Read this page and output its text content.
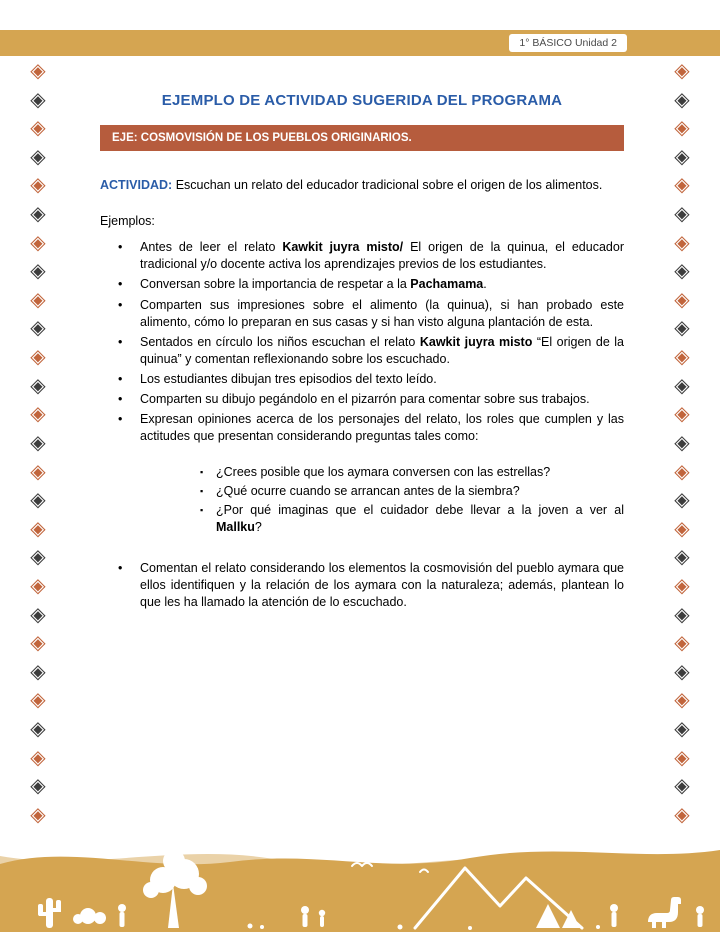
1° BÁSICO Unidad 2
◈
◈
◈
◈
◈
◈
◈
◈
◈
◈
◈
◈
◈
◈
◈
◈
◈
◈
◈
◈
◈
◈
◈
◈
◈
◈
◈
◈
◈
◈
◈
◈
◈
◈
◈
◈
◈
◈
◈
◈
◈
◈
◈
◈
◈
◈
◈
◈
◈
◈
◈
◈
◈
◈
EJEMPLO DE ACTIVIDAD SUGERIDA DEL PROGRAMA
EJE: COSMOVISIÓN DE LOS PUEBLOS ORIGINARIOS.

ACTIVIDAD: Escuchan un relato del educador tradicional sobre el origen de los alimentos.

Ejemplos:

•	Antes de leer el relato Kawkit juyra misto/ El origen de la quinua, el educador tradicional y/o docente activa los aprendizajes previos de los estudiantes.
•	Conversan sobre la importancia de respetar a la Pachamama.
•	Comparten sus impresiones sobre el alimento (la quinua), si han probado este alimento, cómo lo preparan en sus casas y si han visto alguna plantación de esta.
•	Sentados en círculo los niños escuchan el relato Kawkit juyra misto “El origen de la quinua” y comentan reflexionando sobre los escuchado.
•	Los estudiantes dibujan tres episodios del texto leído.
•	Comparten su dibujo pegándolo en el pizarrón para comentar sobre sus trabajos.
•	Expresan opiniones acerca de los personajes del relato, los roles que cumplen y las actitudes que presentan considerando preguntas tales como:
▪	¿Crees posible que los aymara conversen con las estrellas?
▪	¿Qué ocurre cuando se arrancan antes de la siembra?
▪	¿Por qué imaginas que el cuidador debe llevar a la joven a ver al Mallku?
•	Comentan el relato considerando los elementos la cosmovisión del pueblo aymara que ellos identifiquen y la relación de los aymara con la naturaleza; además, plantean lo que les ha llamado la atención de lo escuchado.
